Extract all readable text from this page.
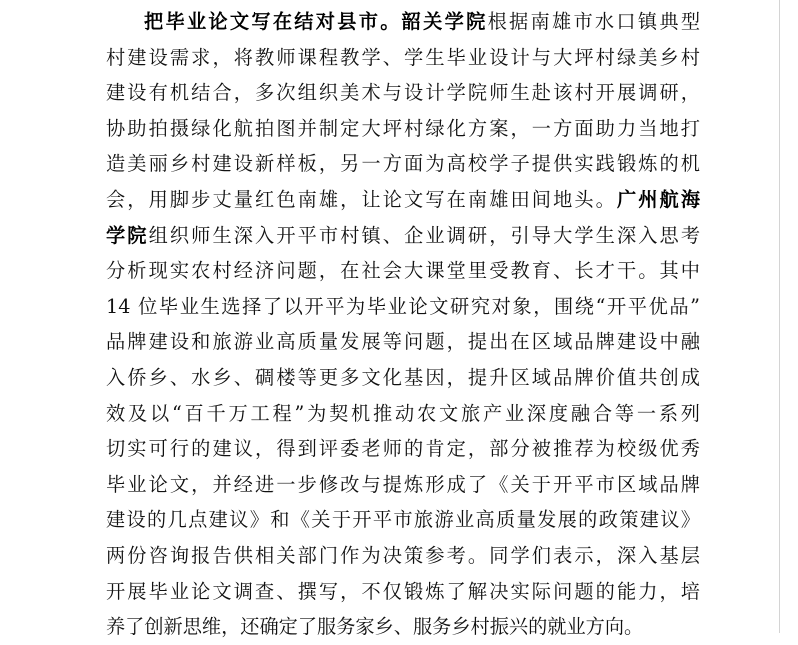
把毕业论文写在结对县市。韶关学院根据南雄市水口镇典型
村建设需求，将教师课程教学、学生毕业设计与大坪村绿美乡村
建设有机结合，多次组织美术与设计学院师生赴该村开展调研，
协助拍摄绿化航拍图并制定大坪村绿化方案，一方面助力当地打
造美丽乡村建设新样板，另一方面为高校学子提供实践锻炼的机
会，用脚步丈量红色南雄，让论文写在南雄田间地头。广州航海
学院组织师生深入开平市村镇、企业调研，引导大学生深入思考
分析现实农村经济问题，在社会大课堂里受教育、长才干。其中
14 位毕业生选择了以开平为毕业论文研究对象，围绕“开平优品”
品牌建设和旅游业高质量发展等问题，提出在区域品牌建设中融
入侨乡、水乡、碉楼等更多文化基因，提升区域品牌价值共创成
效及以“百千万工程”为契机推动农文旅产业深度融合等一系列
切实可行的建议，得到评委老师的肯定，部分被推荐为校级优秀
毕业论文，并经进一步修改与提炼形成了《关于开平市区域品牌
建设的几点建议》和《关于开平市旅游业高质量发展的政策建议》
两份咨询报告供相关部门作为决策参考。同学们表示，深入基层
开展毕业论文调查、撰写，不仅锻炼了解决实际问题的能力，培
养了创新思维，还确定了服务家乡、服务乡村振兴的就业方向。
